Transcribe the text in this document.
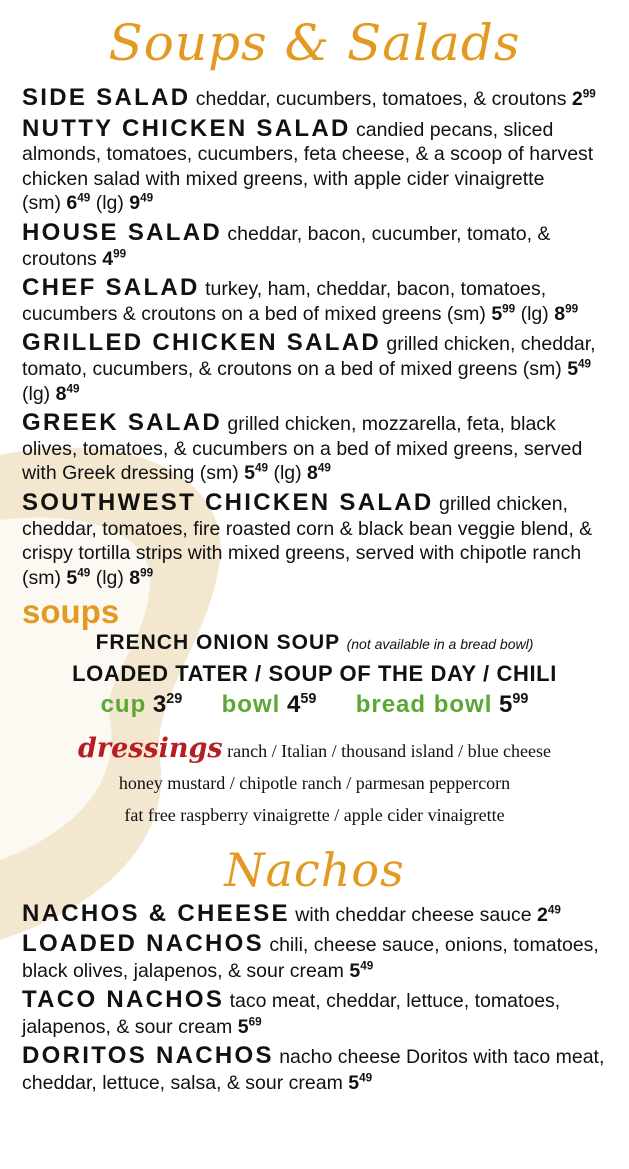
Soups & Salads
SIDE SALAD cheddar, cucumbers, tomatoes, & croutons $2^{99}$
NUTTY CHICKEN SALAD candied pecans, sliced almonds, tomatoes, cucumbers, feta cheese, & a scoop of harvest chicken salad with mixed greens, with apple cider vinaigrette
(sm) $6^{49}$ (lg) $9^{49}$
HOUSE SALAD cheddar, bacon, cucumber, tomato, & croutons $4^{99}$
CHEF SALAD turkey, ham, cheddar, bacon, tomatoes, cucumbers & croutons on a bed of mixed greens (sm) $5^{99}$ (lg) $8^{99}$
GRILLED CHICKEN SALAD grilled chicken, cheddar, tomato, cucumbers, & croutons on a bed of mixed greens (sm) $5^{49}$ (lg) $8^{49}$
GREEK SALAD grilled chicken, mozzarella, feta, black olives, tomatoes, & cucumbers on a bed of mixed greens, served with Greek dressing (sm) $5^{49}$ (lg) $8^{49}$
SOUTHWEST CHICKEN SALAD grilled chicken, cheddar, tomatoes, fire roasted corn & black bean veggie blend, & crispy tortilla strips with mixed greens, served with chipotle ranch (sm) $5^{49}$ (lg) $8^{99}$
soups
FRENCH ONION SOUP (not available in a bread bowl)
LOADED TATER / SOUP OF THE DAY / CHILI
cup $3^{29}$ bowl $4^{59}$ bread bowl $5^{99}$
dressings ranch / Italian / thousand island / blue cheese
honey mustard / chipotle ranch / parmesan peppercorn
fat free raspberry vinaigrette / apple cider vinaigrette
Nachos
NACHOS & CHEESE with cheddar cheese sauce $2^{49}$
LOADED NACHOS chili, cheese sauce, onions, tomatoes, black olives, jalapenos, & sour cream $5^{49}$
TACO NACHOS taco meat, cheddar, lettuce, tomatoes, jalapenos, & sour cream $5^{69}$
DORITOS NACHOS nacho cheese Doritos with taco meat, cheddar, lettuce, salsa, & sour cream $5^{49}$
